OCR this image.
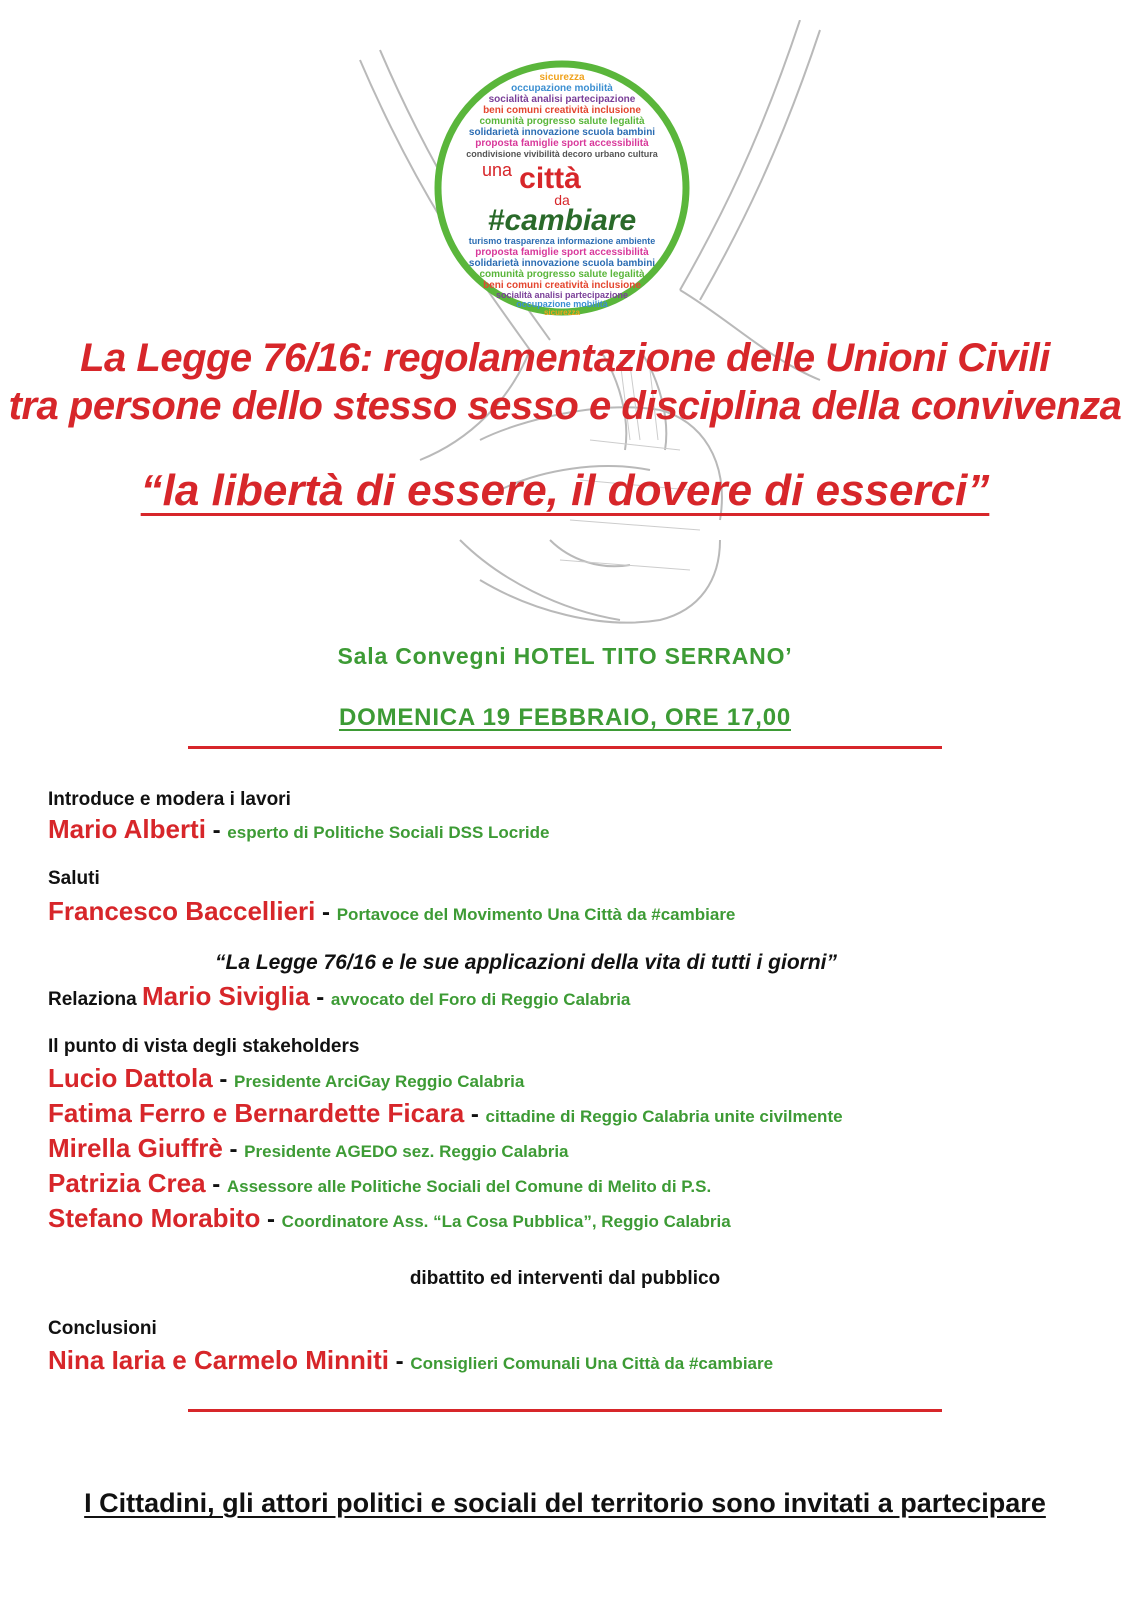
sicurezza
occupazione mobilità
socialità analisi partecipazione
beni comuni creatività inclusione
comunità progresso salute legalità
solidarietà innovazione scuola bambini
proposta famiglie sport accessibilità
condivisione vivibilità decoro urbano cultura
una città
da
#cambiare
turismo trasparenza informazione ambiente
proposta famiglie sport accessibilità
solidarietà innovazione scuola bambini
comunità progresso salute legalità
beni comuni creatività inclusione
socialità analisi partecipazione
occupazione mobilità
sicurezza
La Legge 76/16: regolamentazione delle Unioni Civili
tra persone dello stesso sesso e disciplina della convivenza
“la libertà di essere, il dovere di esserci”
Sala Convegni HOTEL TITO SERRANO’
DOMENICA 19 FEBBRAIO, ORE 17,00
Introduce e modera i lavori
Mario Alberti - esperto di Politiche Sociali DSS Locride
Saluti
Francesco Baccellieri - Portavoce del Movimento Una Città da #cambiare
“La Legge 76/16 e le sue applicazioni della vita di tutti i giorni”
Relaziona Mario Siviglia - avvocato del Foro di Reggio Calabria
Il punto di vista degli stakeholders
Lucio Dattola - Presidente ArciGay Reggio Calabria
Fatima Ferro e Bernardette Ficara - cittadine di Reggio Calabria unite civilmente
Mirella Giuffrè - Presidente AGEDO sez. Reggio Calabria
Patrizia Crea - Assessore alle Politiche Sociali del Comune di Melito di P.S.
Stefano Morabito - Coordinatore Ass. “La Cosa Pubblica”, Reggio Calabria
dibattito ed interventi dal pubblico
Conclusioni
Nina Iaria e Carmelo Minniti - Consiglieri Comunali Una Città da #cambiare
I Cittadini, gli attori politici e sociali del territorio sono invitati a partecipare
